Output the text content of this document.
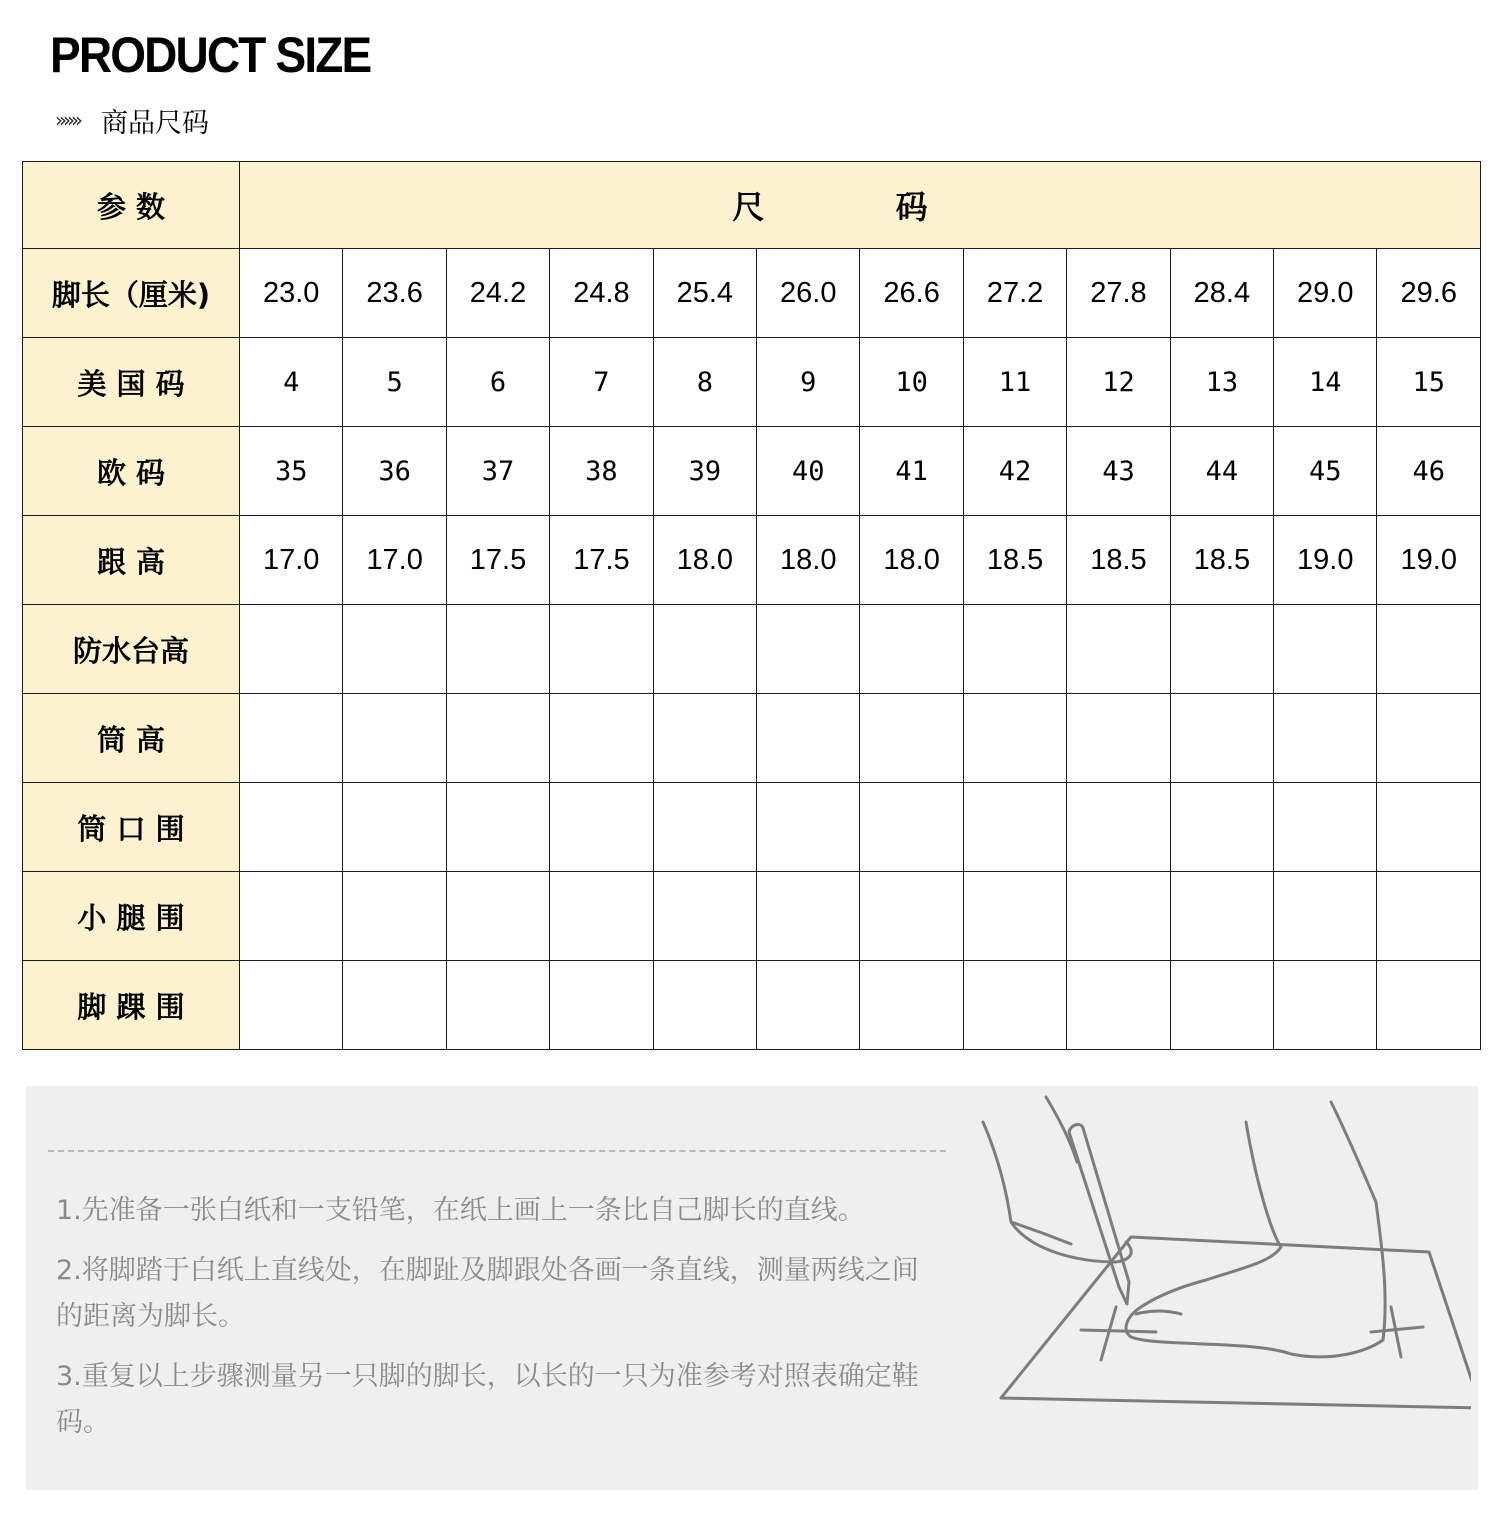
PRODUCT SIZE
›››››› 商品尺码
参 数	尺 码											
脚长（厘米)	23.0	23.6	24.2	24.8	25.4	26.0	26.6	27.2	27.8	28.4	29.0	29.6
美 国 码	4	5	6	7	8	9	10	11	12	13	14	15
欧 码	35	36	37	38	39	40	41	42	43	44	45	46
跟 高	17.0	17.0	17.5	17.5	18.0	18.0	18.0	18.5	18.5	18.5	19.0	19.0
防水台高												
筒 高												
筒 口 围												
小 腿 围												
脚 踝 围												

1.先准备一张白纸和一支铅笔，在纸上画上一条比自己脚长的直线。

2.将脚踏于白纸上直线处，在脚趾及脚跟处各画一条直线，测量两线之间的距离为脚长。

3.重复以上步骤测量另一只脚的脚长，以长的一只为准参考对照表确定鞋码。
